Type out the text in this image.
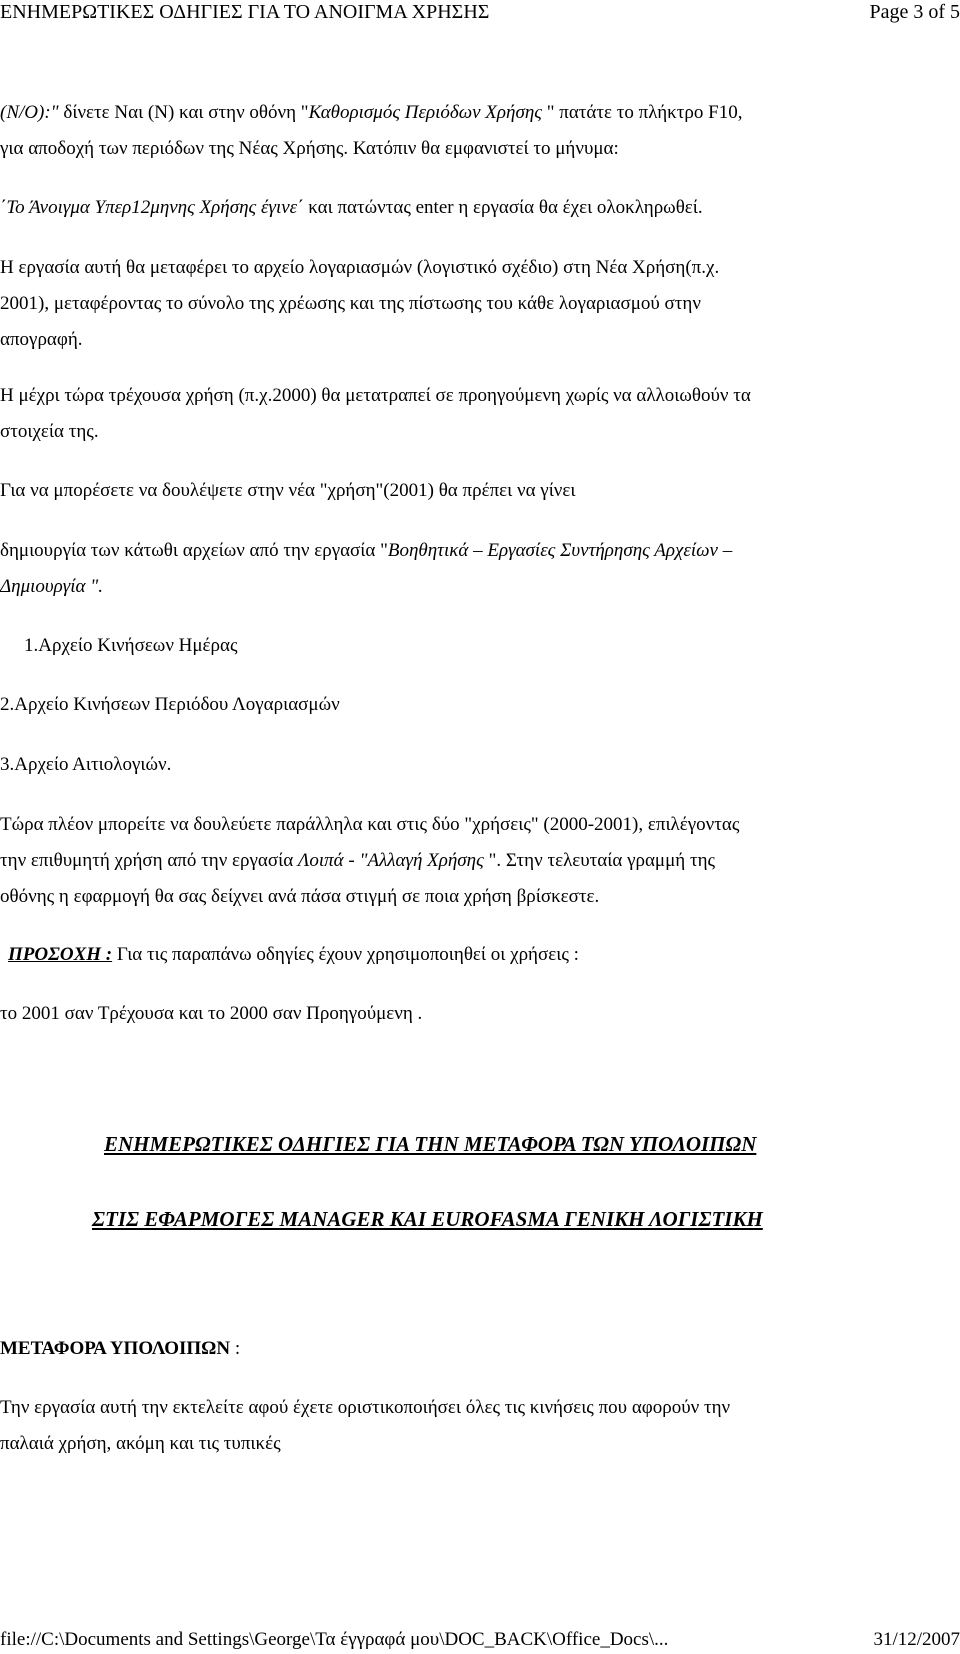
ΕΝΗΜΕΡΩΤΙΚΕΣ ΟΔΗΓΙΕΣ ΓΙΑ ΤΟ ΑΝΟΙΓΜΑ ΧΡΗΣΗΣ	Page 3 of 5
(Ν/Ο):" δίνετε Ναι (Ν) και στην οθόνη "Καθορισμός Περιόδων Χρήσης " πατάτε το πλήκτρο F10,
για αποδοχή των περιόδων της Νέας Χρήσης. Κατόπιν θα εμφανιστεί το μήνυμα:
΄Το Άνοιγμα Υπερ12μηνης Χρήσης έγινε΄ και πατώντας enter η εργασία θα έχει ολοκληρωθεί.
Η εργασία αυτή θα μεταφέρει το αρχείο λογαριασμών (λογιστικό σχέδιο) στη Νέα Χρήση(π.χ.
2001), μεταφέροντας το σύνολο της χρέωσης και της πίστωσης του κάθε λογαριασμού στην
απογραφή.
Η μέχρι τώρα τρέχουσα χρήση (π.χ.2000) θα μετατραπεί σε προηγούμενη χωρίς να αλλοιωθούν τα
στοιχεία της.
Για να μπορέσετε να δουλέψετε στην νέα "χρήση"(2001) θα πρέπει να γίνει
δημιουργία των κάτωθι αρχείων από την εργασία "Βοηθητικά – Εργασίες Συντήρησης Αρχείων –
Δημιουργία ".
1.Αρχείο Κινήσεων Ημέρας
2.Αρχείο Κινήσεων Περιόδου Λογαριασμών
3.Αρχείο Αιτιολογιών.
Τώρα πλέον μπορείτε να δουλεύετε παράλληλα και στις δύο "χρήσεις" (2000-2001), επιλέγοντας
την επιθυμητή χρήση από την εργασία Λοιπά - "Αλλαγή Χρήσης ". Στην τελευταία γραμμή της
οθόνης η εφαρμογή θα σας δείχνει ανά πάσα στιγμή σε ποια χρήση βρίσκεστε.
ΠΡΟΣΟΧΗ : Για τις παραπάνω οδηγίες έχουν χρησιμοποιηθεί οι χρήσεις :
το 2001 σαν Τρέχουσα και το 2000 σαν Προηγούμενη .
ΕΝΗΜΕΡΩΤΙΚΕΣ ΟΔΗΓΙΕΣ ΓΙΑ ΤΗΝ ΜΕΤΑΦΟΡΑ ΤΩΝ ΥΠΟΛΟΙΠΩΝ
ΣΤΙΣ ΕΦΑΡΜΟΓΕΣ MANAGER ΚΑΙ EUROFASMA ΓΕΝΙΚΗ ΛΟΓΙΣΤΙΚΗ
ΜΕΤΑΦΟΡΑ ΥΠΟΛΟΙΠΩΝ :
Την εργασία αυτή την εκτελείτε αφού έχετε οριστικοποιήσει όλες τις κινήσεις που αφορούν την
παλαιά χρήση, ακόμη και τις τυπικές
file://C:\Documents and Settings\George\Τα έγγραφά μου\DOC_BACK\Office_Docs\...	31/12/2007
